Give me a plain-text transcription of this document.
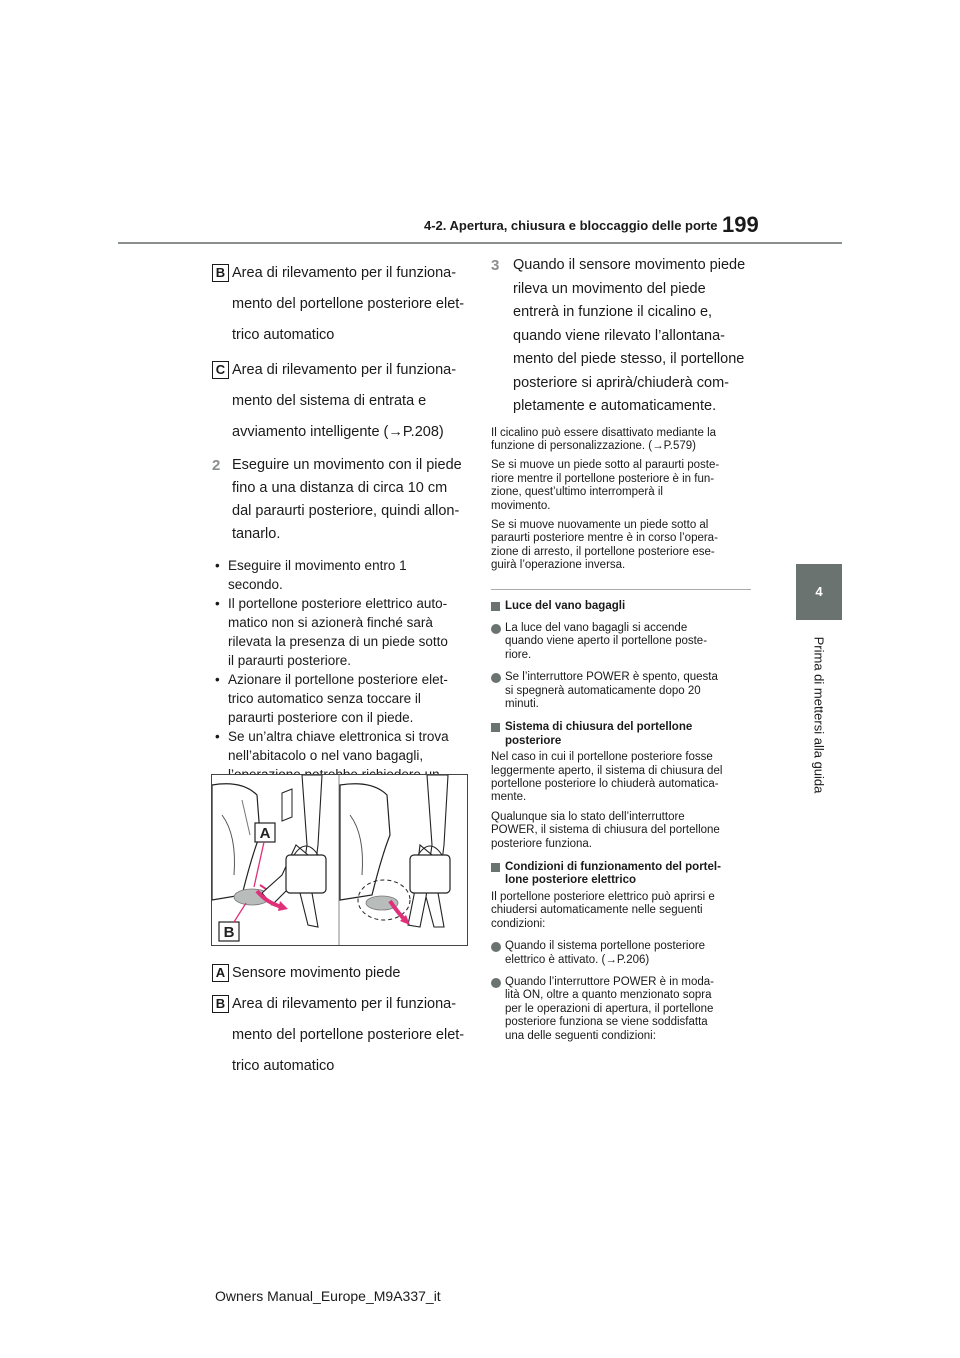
4-2. Apertura, chiusura e bloccaggio delle porte 199
4
Prima di mettersi alla guida
B Area di rilevamento per il funziona-
mento del portellone posteriore elet-
trico automatico
C Area di rilevamento per il funziona-
mento del sistema di entrata e
avviamento intelligente (→P.208)
2 Eseguire un movimento con il piede
fino a una distanza di circa 10 cm
dal paraurti posteriore, quindi allon-
tanarlo.
• Eseguire il movimento entro 1
secondo.
• Il portellone posteriore elettrico auto-
matico non si azionerà finché sarà
rilevata la presenza di un piede sotto
il paraurti posteriore.
• Azionare il portellone posteriore elet-
trico automatico senza toccare il
paraurti posteriore con il piede.
• Se un’altra chiave elettronica si trova
nell’abitacolo o nel vano bagagli,
A
B
A Sensore movimento piede
B Area di rilevamento per il funziona-
mento del portellone posteriore elet-
trico automatico
3 Quando il sensore movimento piede
rileva un movimento del piede
entrerà in funzione il cicalino e,
quando viene rilevato l’allontana-
mento del piede stesso, il portellone
posteriore si aprirà/chiuderà com-
pletamente e automaticamente.
Il cicalino può essere disattivato mediante la
funzione di personalizzazione. (→P.579)
Se si muove un piede sotto al paraurti poste-
riore mentre il portellone posteriore è in fun-
zione, quest’ultimo interromperà il
movimento.
Se si muove nuovamente un piede sotto al
paraurti posteriore mentre è in corso l’opera-
zione di arresto, il portellone posteriore ese-
guirà l’operazione inversa.
Luce del vano bagagli
La luce del vano bagagli si accende
quando viene aperto il portellone poste-
riore.
Se l’interruttore POWER è spento, questa
si spegnerà automaticamente dopo 20
minuti.
Sistema di chiusura del portellone
posteriore
Nel caso in cui il portellone posteriore fosse
leggermente aperto, il sistema di chiusura del
portellone posteriore lo chiuderà automatica-
mente.
Qualunque sia lo stato dell’interruttore
POWER, il sistema di chiusura del portellone
posteriore funziona.
Condizioni di funzionamento del portel-
lone posteriore elettrico
Il portellone posteriore elettrico può aprirsi e
chiudersi automaticamente nelle seguenti
condizioni:
Quando il sistema portellone posteriore
elettrico è attivato. (→P.206)
Quando l’interruttore POWER è in moda-
lità ON, oltre a quanto menzionato sopra
per le operazioni di apertura, il portellone
posteriore funziona se viene soddisfatta
una delle seguenti condizioni:
Owners Manual_Europe_M9A337_it
